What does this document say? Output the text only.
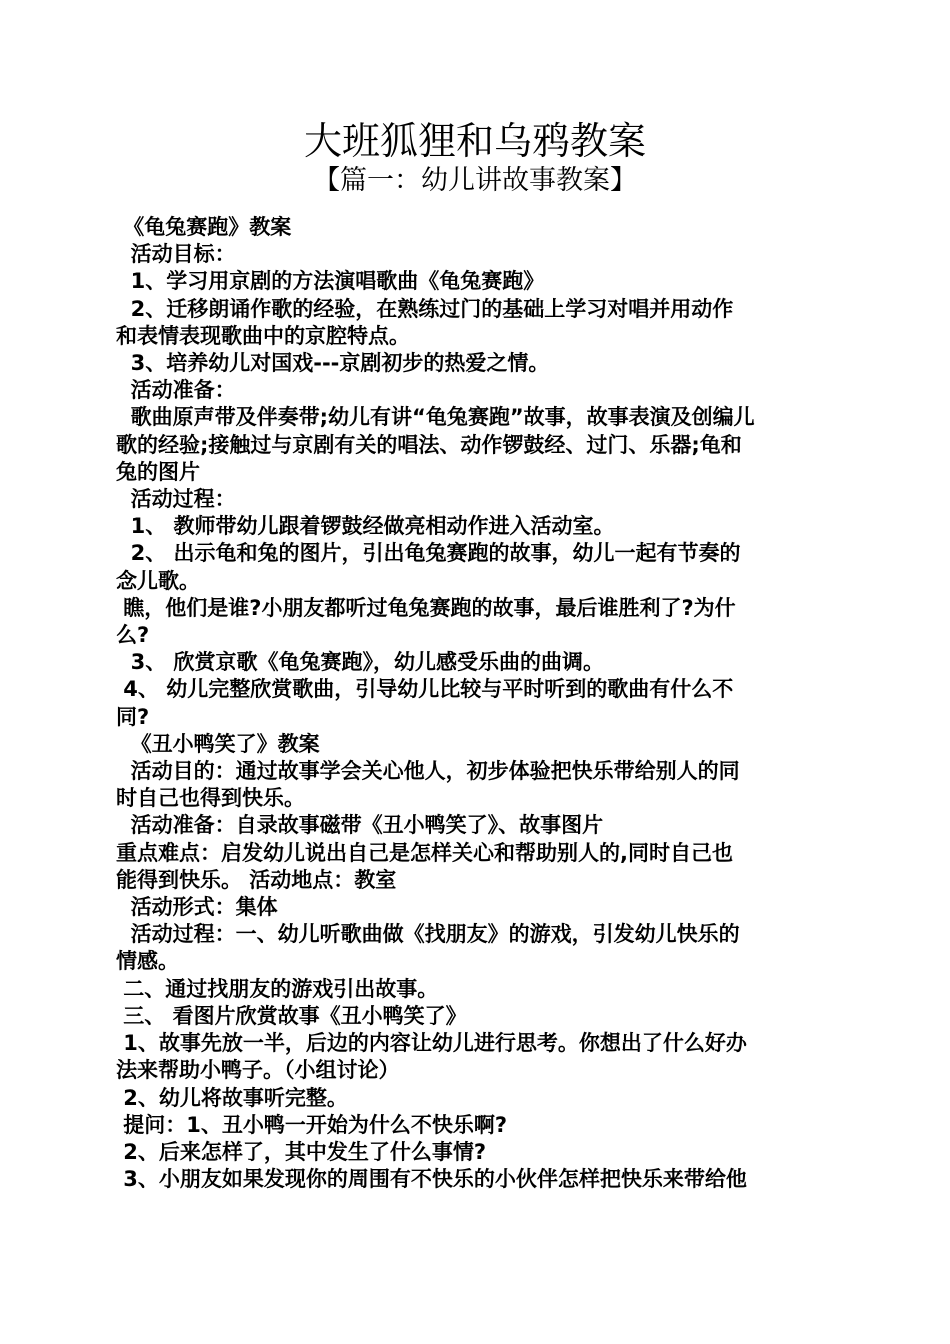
大班狐狸和乌鸦教案
【篇一：幼儿讲故事教案】
《龟兔赛跑》教案
活动目标：
1、学习用京剧的方法演唱歌曲《龟兔赛跑》
2、迁移朗诵作歌的经验，在熟练过门的基础上学习对唱并用动作
和表情表现歌曲中的京腔特点。
3、培养幼儿对国戏---京剧初步的热爱之情。
活动准备：
歌曲原声带及伴奏带;幼儿有讲“龟兔赛跑”故事，故事表演及创编儿
歌的经验;接触过与京剧有关的唱法、动作锣鼓经、过门、乐器;龟和
兔的图片
活动过程：
1、 教师带幼儿跟着锣鼓经做亮相动作进入活动室。
2、 出示龟和兔的图片，引出龟兔赛跑的故事，幼儿一起有节奏的
念儿歌。
瞧，他们是谁?小朋友都听过龟兔赛跑的故事，最后谁胜利了?为什
么?
3、 欣赏京歌《龟兔赛跑》，幼儿感受乐曲的曲调。
4、 幼儿完整欣赏歌曲，引导幼儿比较与平时听到的歌曲有什么不
同?
《丑小鸭笑了》教案
活动目的：通过故事学会关心他人，初步体验把快乐带给别人的同
时自己也得到快乐。
活动准备：自录故事磁带《丑小鸭笑了》、故事图片
重点难点：启发幼儿说出自己是怎样关心和帮助别人的,同时自己也
能得到快乐。 活动地点：教室
活动形式：集体
活动过程：一、幼儿听歌曲做《找朋友》的游戏，引发幼儿快乐的
情感。
二、通过找朋友的游戏引出故事。
三、 看图片欣赏故事《丑小鸭笑了》
1、故事先放一半，后边的内容让幼儿进行思考。你想出了什么好办
法来帮助小鸭子。（小组讨论）
2、幼儿将故事听完整。
提问：1、丑小鸭一开始为什么不快乐啊?
2、后来怎样了，其中发生了什么事情?
3、小朋友如果发现你的周围有不快乐的小伙伴怎样把快乐来带给他
